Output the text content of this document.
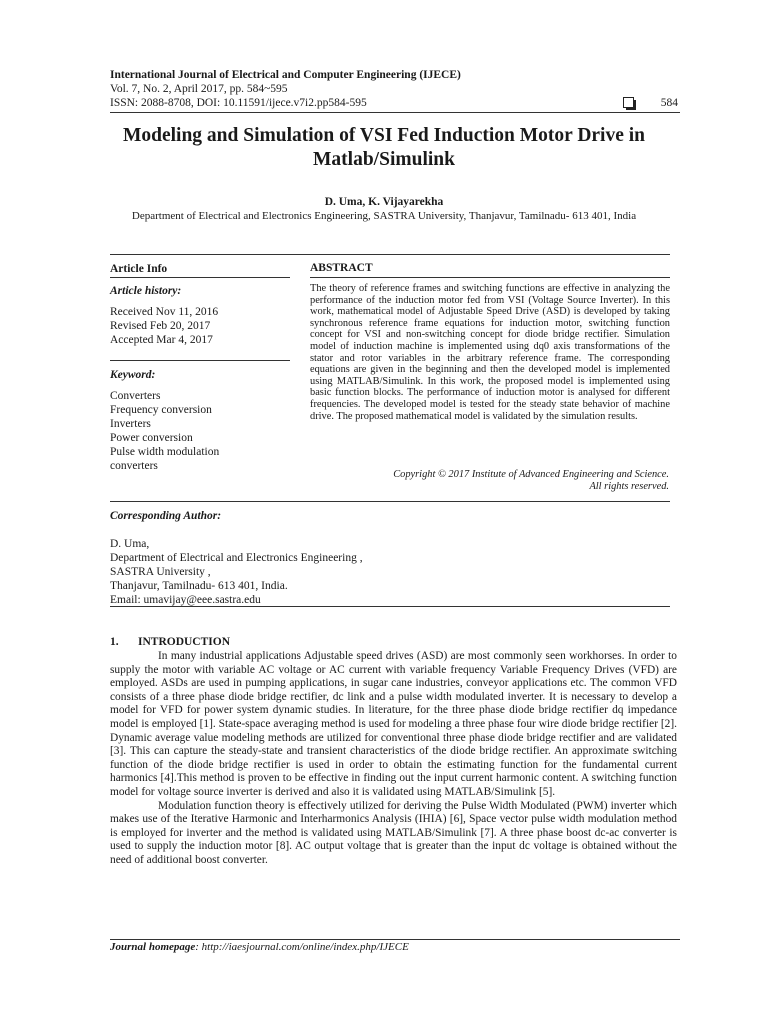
International Journal of Electrical and Computer Engineering (IJECE)
Vol. 7, No. 2, April 2017, pp. 584~595
ISSN: 2088-8708, DOI: 10.11591/ijece.v7i2.pp584-595	584
Modeling and Simulation of VSI Fed Induction Motor Drive in
Matlab/Simulink
D. Uma, K. Vijayarekha
Department of Electrical and Electronics Engineering, SASTRA University, Thanjavur, Tamilnadu- 613 401, India
Article Info
Article history:
Received Nov 11, 2016
Revised Feb 20, 2017
Accepted Mar 4, 2017
Keyword:
Converters
Frequency conversion
Inverters
Power conversion
Pulse width modulation
converters
ABSTRACT
The theory of reference frames and switching functions are effective in analyzing the performance of the induction motor fed from VSI (Voltage Source Inverter). In this work, mathematical model of Adjustable Speed Drive (ASD) is developed by taking synchronous reference frame equations for induction motor, switching function concept for VSI and non-switching concept for diode bridge rectifier. Simulation model of induction machine is implemented using dq0 axis transformations of the stator and rotor variables in the arbitrary reference frame. The corresponding equations are given in the beginning and then the developed model is implemented using MATLAB/Simulink. In this work, the proposed model is implemented using basic function blocks. The performance of induction motor is analysed for different frequencies. The developed model is tested for the steady state behavior of machine drive. The proposed mathematical model is validated by the simulation results.
Copyright © 2017 Institute of Advanced Engineering and Science.
All rights reserved.
Corresponding Author:
D. Uma,
Department of Electrical and Electronics Engineering ,
SASTRA University ,
Thanjavur, Tamilnadu- 613 401, India.
Email: umavijay@eee.sastra.edu
1. INTRODUCTION

In many industrial applications Adjustable speed drives (ASD) are most commonly seen workhorses. In order to supply the motor with variable AC voltage or AC current with variable frequency Variable Frequency Drives (VFD) are employed. ASDs are used in pumping applications, in sugar cane industries, conveyor applications etc. The common VFD consists of a three phase diode bridge rectifier, dc link and a pulse width modulated inverter. It is necessary to develop a model for VFD for power system dynamic studies. In literature, for the three phase diode bridge rectifier dq impedance model is employed [1]. State-space averaging method is used for modeling a three phase four wire diode bridge rectifier [2]. Dynamic average value modeling methods are utilized for conventional three phase diode bridge rectifier and are validated [3]. This can capture the steady-state and transient characteristics of the diode bridge rectifier. An approximate switching function of the diode bridge rectifier is used in order to obtain the estimating function for the fundamental current harmonics [4].This method is proven to be effective in finding out the input current harmonic content. A switching function model for voltage source inverter is derived and also it is validated using MATLAB/Simulink [5].

Modulation function theory is effectively utilized for deriving the Pulse Width Modulated (PWM) inverter which makes use of the Iterative Harmonic and Interharmonics Analysis (IHIA) [6], Space vector pulse width modulation method is employed for inverter and the method is validated using MATLAB/Simulink [7]. A three phase boost dc-ac converter is used to supply the induction motor [8]. AC output voltage that is greater than the input dc voltage is obtained without the need of additional boost converter.

Journal homepage: http://iaesjournal.com/online/index.php/IJECE
